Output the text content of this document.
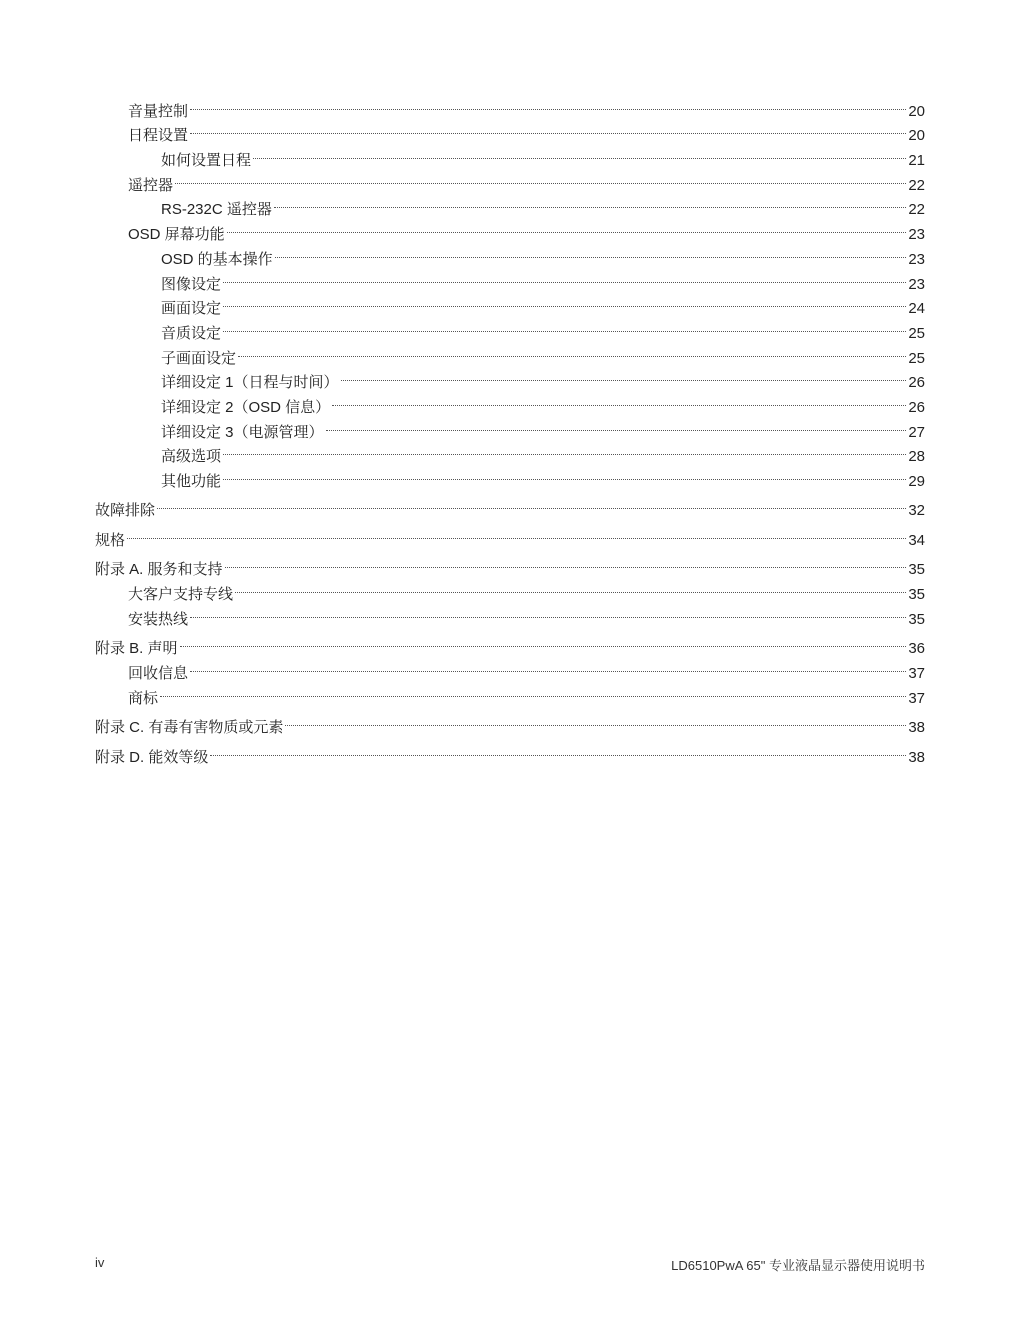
音量控制	20
日程设置	20
如何设置日程	21
遥控器	22
RS-232C 遥控器	22
OSD 屏幕功能	23
OSD 的基本操作	23
图像设定	23
画面设定	24
音质设定	25
子画面设定	25
详细设定 1（日程与时间）	26
详细设定 2（OSD 信息）	26
详细设定 3（电源管理）	27
高级选项	28
其他功能	29
故障排除	32
规格	34
附录 A. 服务和支持	35
大客户支持专线	35
安装热线	35
附录 B. 声明	36
回收信息	37
商标	37
附录 C. 有毒有害物质或元素	38
附录 D. 能效等级	38
iv	LD6510PwA 65" 专业液晶显示器使用说明书
